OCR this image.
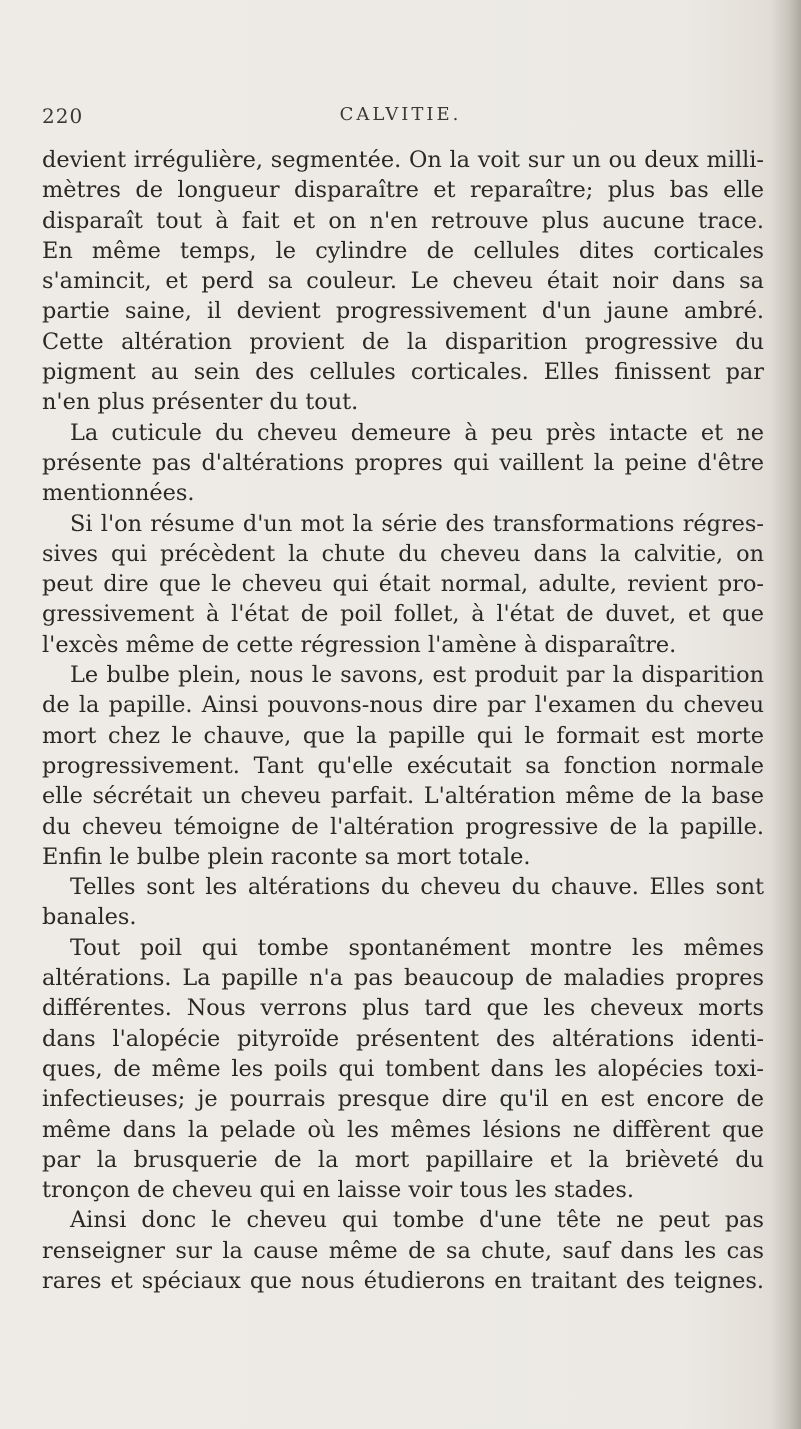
220	CALVITIE.
devient irrégulière, segmentée. On la voit sur un ou deux milli-
mètres de longueur disparaître et reparaître; plus bas elle
disparaît tout à fait et on n'en retrouve plus aucune trace.
En même temps, le cylindre de cellules dites corticales
s'amincit, et perd sa couleur. Le cheveu était noir dans sa
partie saine, il devient progressivement d'un jaune ambré.
Cette altération provient de la disparition progressive du
pigment au sein des cellules corticales. Elles finissent par
n'en plus présenter du tout.
La cuticule du cheveu demeure à peu près intacte et ne
présente pas d'altérations propres qui vaillent la peine d'être
mentionnées.
Si l'on résume d'un mot la série des transformations régres-
sives qui précèdent la chute du cheveu dans la calvitie, on
peut dire que le cheveu qui était normal, adulte, revient pro-
gressivement à l'état de poil follet, à l'état de duvet, et que
l'excès même de cette régression l'amène à disparaître.
Le bulbe plein, nous le savons, est produit par la disparition
de la papille. Ainsi pouvons-nous dire par l'examen du cheveu
mort chez le chauve, que la papille qui le formait est morte
progressivement. Tant qu'elle exécutait sa fonction normale
elle sécrétait un cheveu parfait. L'altération même de la base
du cheveu témoigne de l'altération progressive de la papille.
Enfin le bulbe plein raconte sa mort totale.
Telles sont les altérations du cheveu du chauve. Elles sont
banales.
Tout poil qui tombe spontanément montre les mêmes
altérations. La papille n'a pas beaucoup de maladies propres
différentes. Nous verrons plus tard que les cheveux morts
dans l'alopécie pityroïde présentent des altérations identi-
ques, de même les poils qui tombent dans les alopécies toxi-
infectieuses; je pourrais presque dire qu'il en est encore de
même dans la pelade où les mêmes lésions ne diffèrent que
par la brusquerie de la mort papillaire et la brièveté du
tronçon de cheveu qui en laisse voir tous les stades.
Ainsi donc le cheveu qui tombe d'une tête ne peut pas
renseigner sur la cause même de sa chute, sauf dans les cas
rares et spéciaux que nous étudierons en traitant des teignes.
